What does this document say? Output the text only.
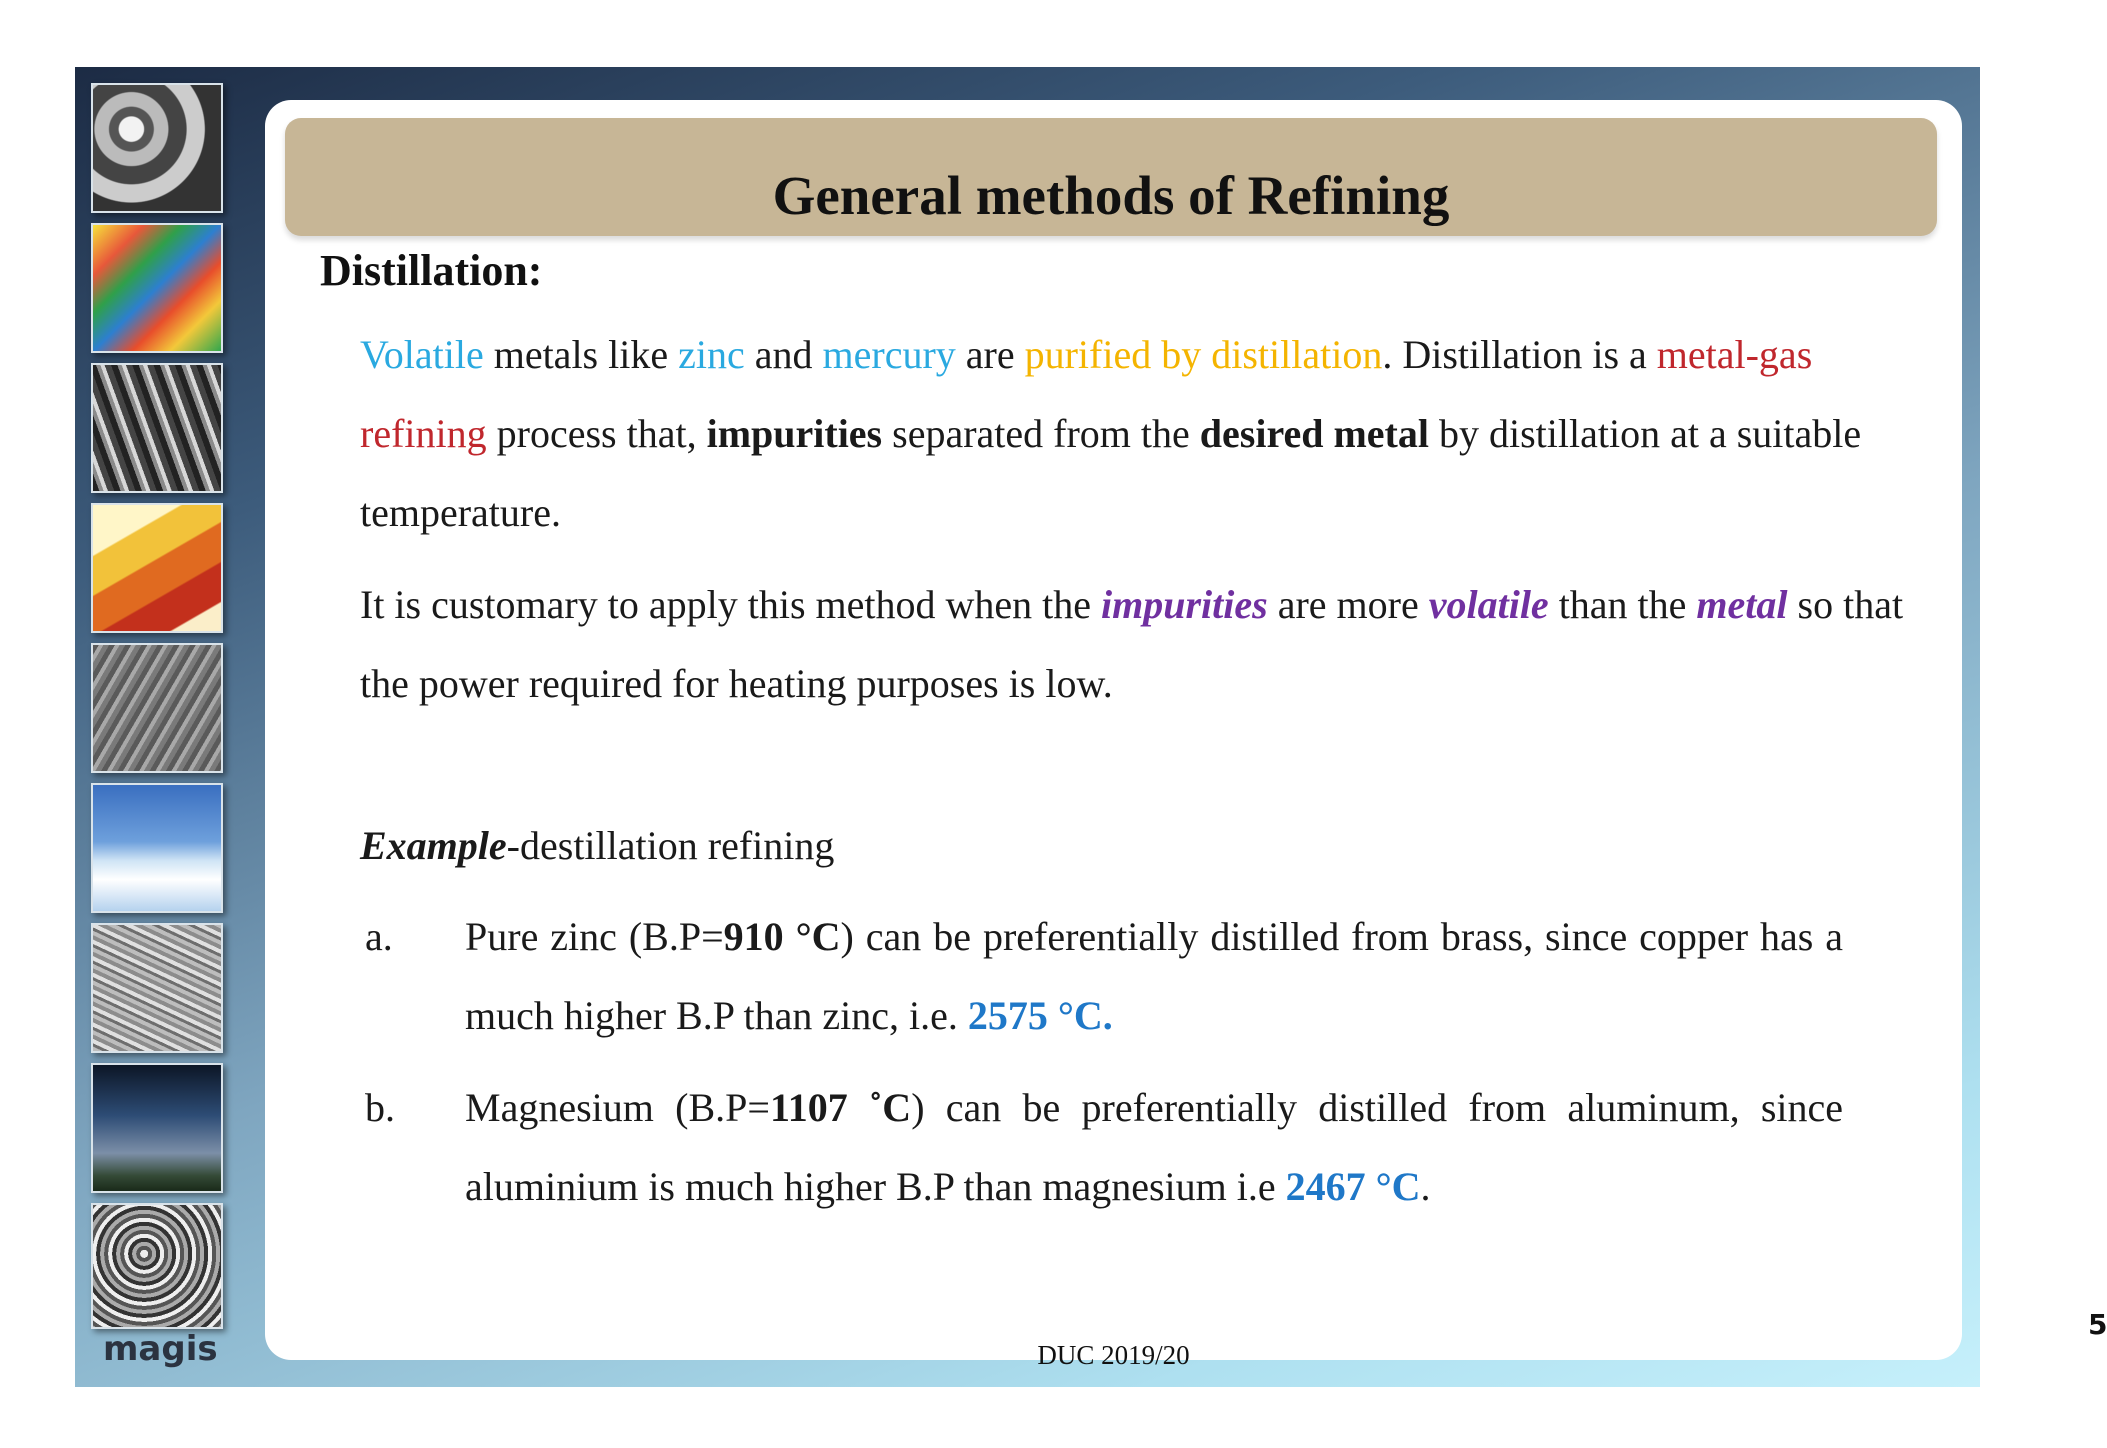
magis
General methods of Refining
Distillation:
Volatile metals like zinc and mercury are purified by distillation. Distillation is a metal-gas refining process that, impurities separated from the desired metal by distillation at a suitable temperature.
It is customary to apply this method when the impurities are more volatile than the metal so that the power required for heating purposes is low.
Example-destillation refining
a. Pure zinc (B.P=910 °C) can be preferentially distilled from brass, since copper has a much higher B.P than zinc, i.e. 2575 °C.
b. Magnesium (B.P=1107 ˚C) can be preferentially distilled from aluminum, since aluminium is much higher B.P than magnesium i.e 2467 °C.
DUC 2019/20
5
